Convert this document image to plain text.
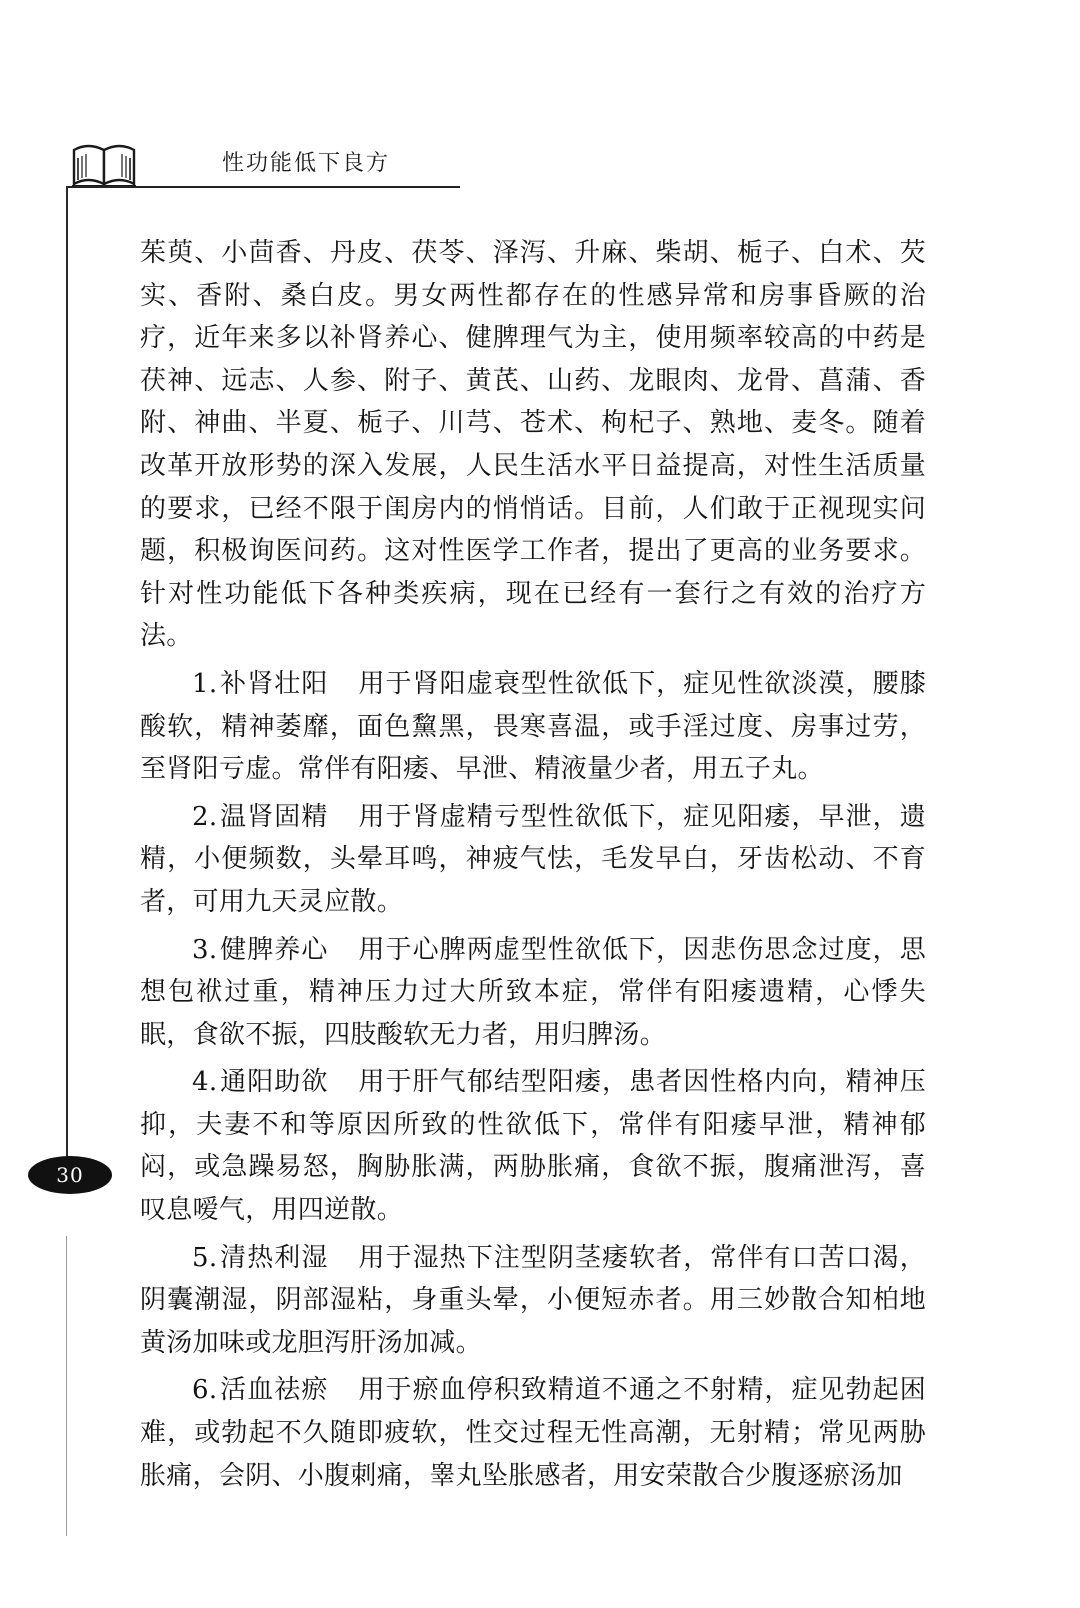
性功能低下良方

茱萸、小茴香、丹皮、茯苓、泽泻、升麻、柴胡、栀子、白术、芡实、香附、桑白皮。男女两性都存在的性感异常和房事昏厥的治疗，近年来多以补肾养心、健脾理气为主，使用频率较高的中药是茯神、远志、人参、附子、黄芪、山药、龙眼肉、龙骨、菖蒲、香附、神曲、半夏、栀子、川芎、苍术、枸杞子、熟地、麦冬。随着改革开放形势的深入发展，人民生活水平日益提高，对性生活质量的要求，已经不限于闺房内的悄悄话。目前，人们敢于正视现实问题，积极询医问药。这对性医学工作者，提出了更高的业务要求。针对性功能低下各种类疾病，现在已经有一套行之有效的治疗方法。

1.补肾壮阳 用于肾阳虚衰型性欲低下，症见性欲淡漠，腰膝酸软，精神萎靡，面色黧黑，畏寒喜温，或手淫过度、房事过劳，至肾阳亏虚。常伴有阳痿、早泄、精液量少者，用五子丸。

2.温肾固精 用于肾虚精亏型性欲低下，症见阳痿，早泄，遗精，小便频数，头晕耳鸣，神疲气怯，毛发早白，牙齿松动、不育者，可用九天灵应散。

3.健脾养心 用于心脾两虚型性欲低下，因悲伤思念过度，思想包袱过重，精神压力过大所致本症，常伴有阳痿遗精，心悸失眠，食欲不振，四肢酸软无力者，用归脾汤。

4.通阳助欲 用于肝气郁结型阳痿，患者因性格内向，精神压抑，夫妻不和等原因所致的性欲低下，常伴有阳痿早泄，精神郁闷，或急躁易怒，胸胁胀满，两胁胀痛，食欲不振，腹痛泄泻，喜叹息嗳气，用四逆散。

5.清热利湿 用于湿热下注型阴茎痿软者，常伴有口苦口渴，阴囊潮湿，阴部湿粘，身重头晕，小便短赤者。用三妙散合知柏地黄汤加味或龙胆泻肝汤加减。

6.活血祛瘀 用于瘀血停积致精道不通之不射精，症见勃起困难，或勃起不久随即疲软，性交过程无性高潮，无射精；常见两胁胀痛，会阴、小腹刺痛，睾丸坠胀感者，用安荣散合少腹逐瘀汤加

30
